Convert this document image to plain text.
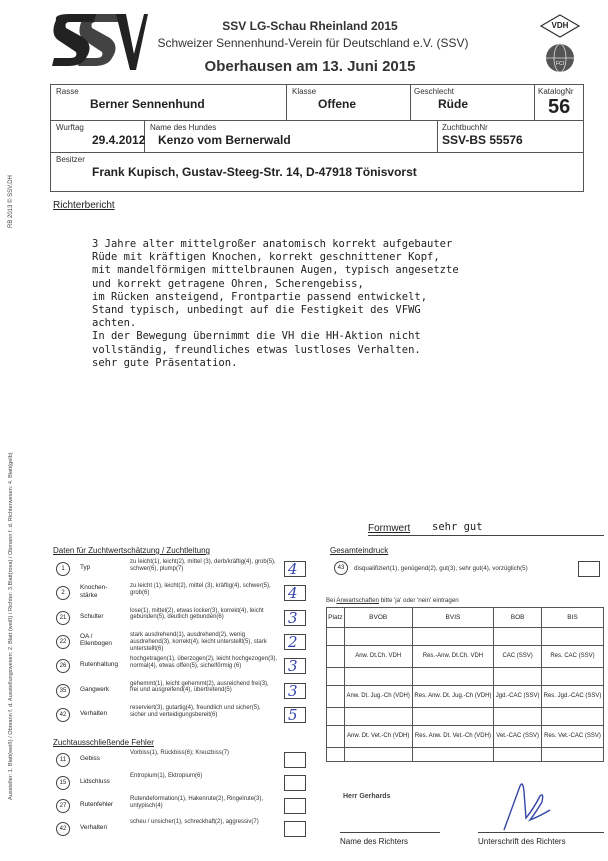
SSV LG-Schau Rheinland 2015
Schweizer Sennenhund-Verein für Deutschland e.V. (SSV)
Oberhausen am 13. Juni 2015
VDH
FCI
Rasse
Berner Sennenhund
Klasse
Offene
Geschlecht
Rüde
KatalogNr
56
Wurftag
29.4.2012
Name des Hundes
Kenzo vom Bernerwald
ZuchtbuchNr
SSV-BS 55576
Besitzer
Frank Kupisch, Gustav-Steeg-Str. 14, D-47918 Tönisvorst
Richterbericht
3 Jahre alter mittelgroßer anatomisch korrekt aufgebauter
Rüde mit kräftigen Knochen, korrekt geschnittener Kopf,
mit mandelförmigen mittelbraunen Augen, typisch angesetzte
und korrekt getragene Ohren, Scherengebiss,
im Rücken ansteigend, Frontpartie passend entwickelt,
Stand typisch, unbedingt auf die Festigkeit des VFWG
achten.
In der Bewegung übernimmt die VH die HH-Aktion nicht
vollständig, freundliches etwas lustloses Verhalten.
sehr gute Präsentation.
Formwert sehr gut
Daten für Zuchtwertschätzung / Zuchtleitung
1	Typ
zu leicht(1), leicht(2), mittel (3), derb/kräftig(4), grob(5), schwer(6), plump(7)	4
2
Knochen-
stärke
zu leicht (1), leicht(2), mittel (3), kräftig(4), schwer(5), grob(6)	4
21	Schulter
lose(1), mittel(2), etwas locker(3), korrekt(4), leicht gebunden(5), deutlich gebunden(6)	3
22
OA /
Ellenbogen
stark ausdrehend(1), ausdrehend(2), wenig ausdrehend(3), korrekt(4), leicht unterstellt(5), stark unterstellt(6)	2
26	Rutenhaltung
hochgetragen(1), überzogen(2), leicht hochgezogen(3), normal(4), etwas offen(5), sichelförmig (6)	3
35	Gangwerk
gehemmt(1), leicht gehemmt(2), ausreichend frei(3), frei und ausgreifend(4), übertretend(5)	3
42	Verhalten
reserviert(3), gutartig(4), freundlich und sicher(5), sicher und verteidigungsbereit(6)	5
Zuchtausschließende Fehler
11	Gebiss
Vorbiss(1), Rückbiss(6); Kreuzbiss(7)
15	Lidschluss
Entropium(1), Ektropium(6)
27	Rutenfehler
Rutendeformation(1), Hakenrute(2), Ringelrute(3), untypisch(4)
42	Verhalten
scheu / unsicher(1), schreckhaft(2), aggressiv(7)
Gesamteindruck
43	disqualifiziert(1), genügend(2), gut(3), sehr gut(4), vorzüglich(5)
Bei Anwartschaften bitte 'ja' oder 'nein' eintragen
Platz	BVOB	BVIS	BOB	BIS

	Anw. Dt.Ch. VDH	Res.-Anw. Dt.Ch. VDH	CAC (SSV)	Res. CAC (SSV)

	Anw. Dt. Jug.-Ch (VDH)	Res. Anw. Dt. Jug.-Ch (VDH)	Jgd.-CAC (SSV)	Res. Jgd.-CAC (SSV)

	Anw. Dt. Vet.-Ch (VDH)	Res. Anw. Dt. Vet.-Ch (VDH)	Vet.-CAC (SSV)	Res. Vet.-CAC (SSV)

Herr Gerhards
Name des Richters	Unterschrift des Richters
RB 2013 © SSV.DH
Aussteller: 1. Blatt(weiß) / Obmann f. d. Ausstellungswesen: 2. Blatt (weiß) / Richter: 3.Blatt(rosa) / Obmann f. d. Richterwesen: 4. Blatt(gelb)
